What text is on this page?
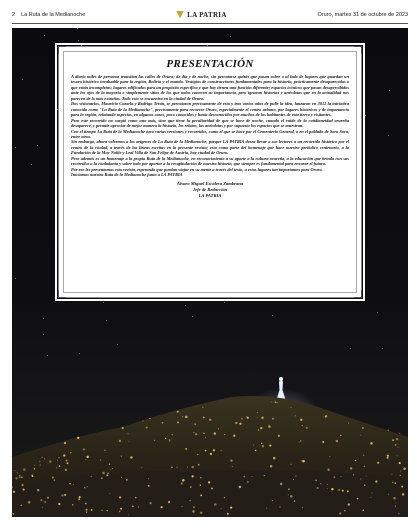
2 La Ruta de la Medianoche	LA PATRIA	Oruro, martes 31 de octubre de 2023
PRESENTACIÓN

A diario miles de personas transitan las calles de Oruro; de día y de noche, sin percatarse quizás que pasan sobre o al lado de lugares que guardan un tesoro histórico invaluable para la región, Bolivia y el mundo. Vestigios de construcciones fundamentales para la historia, prácticamente desaparecidas o que están incompletas; lugares edificados para un propósito específico y que hoy tienen una función diferente; espacios icónicos que pasan desapercibidos ante los ojos de la mayoría o simplemente sitios de los que todos conocen su importancia, pero ignoran historias y anécdotas que en la actualidad nos parecen de lo más extrañas. Todo esto se encuentra en la ciudad de Oruro.

Dos visionarios, Mauricio Cazorla y Rodrigo Terán, se percataron precisamente de esto y tras varios años de pulir la idea, lanzaron en 2012 la iniciativa conocida como "La Ruta de la Medianoche", precisamente para recorrer Oruro, especialmente el centro urbano, por lugares históricos y de importancia para la región, relatando aspectos, en algunos casos, poco conocidos y hasta desconocidos por muchos de los habitantes de esta tierra y visitantes.

Pero este recorrido no surgió como uno más, sino que tiene la peculiaridad de que se hace de noche, cuando el ruido de la cotidianeidad orureña desaparece, y permite apreciar de mejor manera la historia, los relatos, las anécdotas y por supuesto los espacios que se muestran.

Con el tiempo La Ruta de la Medianoche tuvo varias versiones y recorridos, como el que se hace por el Cementerio General, o en el poblado de Sora Sora, entre otros.

Sin embargo, ahora volvemos a los orígenes de La Ruta de la Medianoche, porque LA PATRIA desea llevar a sus lectores a un recorrido histórico por el centro de la ciudad, a través de las líneas escritas en la presente revista; esto como parte del homenaje que hace nuestro periódico centenario, a la Fundación de la Muy Noble y Leal Villa de San Felipe de Austria, hoy ciudad de Oruro.

Pero además es un homenaje a la propia Ruta de la Medianoche, en reconocimiento a su aporte a la cultura orureña, a la educación que brinda con sus recorridos a la ciudadanía y sobre todo por aportar a la recapitulación de nuestra historia, que siempre es fundamental para encarar el futuro.

Por eso les presentamos esta revista, esperando que puedan viajar en su mente a través del texto, a estos lugares tan importantes para Oruro.

Iniciamos nuestra Ruta de la Medianoche junto a LA PATRIA

Álvaro Miguel Escalera Zambrana
Jefe de Redacción
LA PATRIA
